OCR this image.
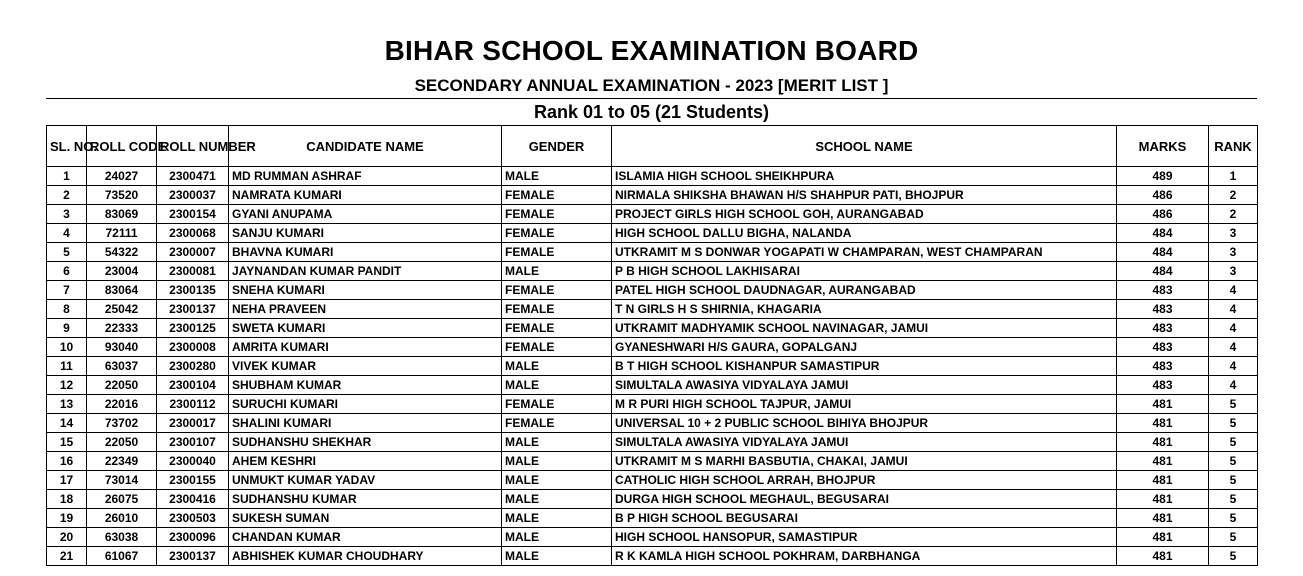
BIHAR SCHOOL EXAMINATION BOARD
SECONDARY ANNUAL EXAMINATION - 2023 [MERIT LIST ]
Rank 01 to 05 (21 Students)
SL. NO.	ROLL CODE	ROLL NUMBER	CANDIDATE NAME	GENDER	SCHOOL NAME	MARKS	RANK
1	24027	2300471	MD RUMMAN ASHRAF	MALE	ISLAMIA HIGH SCHOOL SHEIKHPURA	489	1
2	73520	2300037	NAMRATA KUMARI	FEMALE	NIRMALA SHIKSHA BHAWAN H/S SHAHPUR PATI, BHOJPUR	486	2
3	83069	2300154	GYANI ANUPAMA	FEMALE	PROJECT GIRLS HIGH SCHOOL GOH, AURANGABAD	486	2
4	72111	2300068	SANJU KUMARI	FEMALE	HIGH SCHOOL DALLU BIGHA, NALANDA	484	3
5	54322	2300007	BHAVNA KUMARI	FEMALE	UTKRAMIT M S DONWAR YOGAPATI W CHAMPARAN, WEST CHAMPARAN	484	3
6	23004	2300081	JAYNANDAN KUMAR PANDIT	MALE	P B HIGH SCHOOL LAKHISARAI	484	3
7	83064	2300135	SNEHA KUMARI	FEMALE	PATEL HIGH SCHOOL DAUDNAGAR, AURANGABAD	483	4
8	25042	2300137	NEHA PRAVEEN	FEMALE	T N GIRLS H S SHIRNIA, KHAGARIA	483	4
9	22333	2300125	SWETA KUMARI	FEMALE	UTKRAMIT MADHYAMIK SCHOOL NAVINAGAR, JAMUI	483	4
10	93040	2300008	AMRITA KUMARI	FEMALE	GYANESHWARI H/S GAURA, GOPALGANJ	483	4
11	63037	2300280	VIVEK KUMAR	MALE	B T HIGH SCHOOL KISHANPUR SAMASTIPUR	483	4
12	22050	2300104	SHUBHAM KUMAR	MALE	SIMULTALA AWASIYA VIDYALAYA JAMUI	483	4
13	22016	2300112	SURUCHI KUMARI	FEMALE	M R PURI HIGH SCHOOL TAJPUR, JAMUI	481	5
14	73702	2300017	SHALINI KUMARI	FEMALE	UNIVERSAL 10 + 2 PUBLIC SCHOOL BIHIYA BHOJPUR	481	5
15	22050	2300107	SUDHANSHU SHEKHAR	MALE	SIMULTALA AWASIYA VIDYALAYA JAMUI	481	5
16	22349	2300040	AHEM KESHRI	MALE	UTKRAMIT M S MARHI BASBUTIA, CHAKAI, JAMUI	481	5
17	73014	2300155	UNMUKT KUMAR YADAV	MALE	CATHOLIC HIGH SCHOOL ARRAH, BHOJPUR	481	5
18	26075	2300416	SUDHANSHU KUMAR	MALE	DURGA HIGH SCHOOL MEGHAUL, BEGUSARAI	481	5
19	26010	2300503	SUKESH SUMAN	MALE	B P HIGH SCHOOL BEGUSARAI	481	5
20	63038	2300096	CHANDAN KUMAR	MALE	HIGH SCHOOL HANSOPUR, SAMASTIPUR	481	5
21	61067	2300137	ABHISHEK KUMAR CHOUDHARY	MALE	R K KAMLA HIGH SCHOOL POKHRAM, DARBHANGA	481	5
